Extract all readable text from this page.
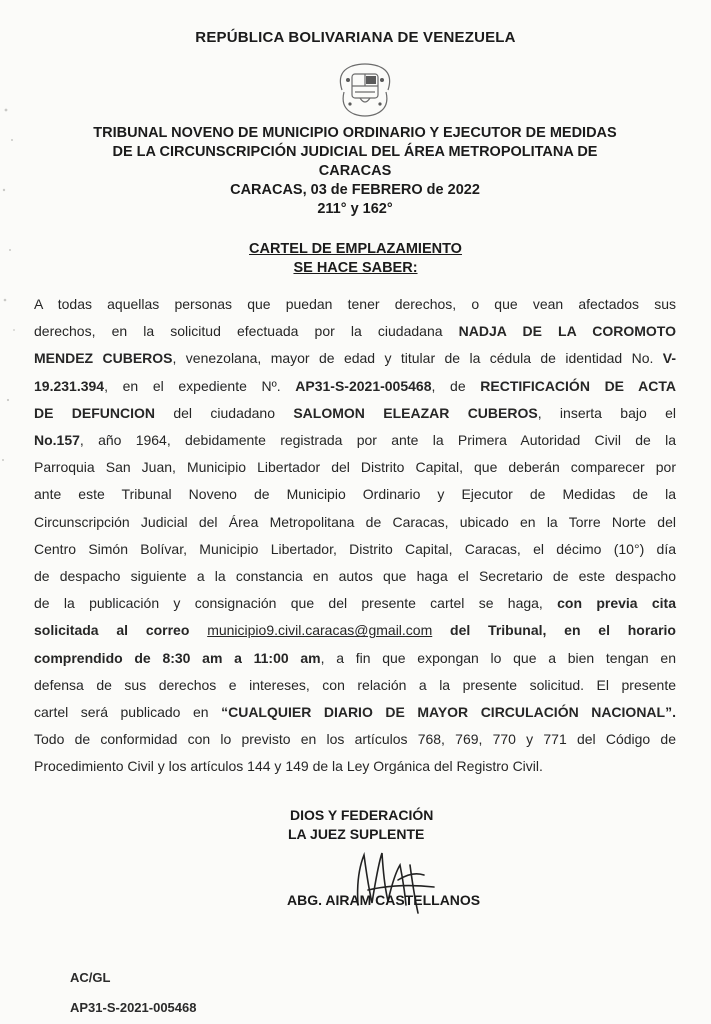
REPÚBLICA BOLIVARIANA DE VENEZUELA
TRIBUNAL NOVENO DE MUNICIPIO ORDINARIO Y EJECUTOR DE MEDIDAS
DE LA CIRCUNSCRIPCIÓN JUDICIAL DEL ÁREA METROPOLITANA DE
CARACAS
CARACAS, 03 de FEBRERO de 2022
211° y 162°
CARTEL DE EMPLAZAMIENTO
SE HACE SABER:
A todas aquellas personas que puedan tener derechos, o que vean afectados sus
derechos, en la solicitud efectuada por la ciudadana NADJA DE LA COROMOTO
MENDEZ CUBEROS, venezolana, mayor de edad y titular de la cédula de identidad No. V-
19.231.394, en el expediente Nº. AP31-S-2021-005468, de RECTIFICACIÓN DE ACTA
DE DEFUNCION del ciudadano SALOMON ELEAZAR CUBEROS, inserta bajo el
No.157, año 1964, debidamente registrada por ante la Primera Autoridad Civil de la
Parroquia San Juan, Municipio Libertador del Distrito Capital, que deberán comparecer por
ante este Tribunal Noveno de Municipio Ordinario y Ejecutor de Medidas de la
Circunscripción Judicial del Área Metropolitana de Caracas, ubicado en la Torre Norte del
Centro Simón Bolívar, Municipio Libertador, Distrito Capital, Caracas, el décimo (10°) día
de despacho siguiente a la constancia en autos que haga el Secretario de este despacho
de la publicación y consignación que del presente cartel se haga, con previa cita
solicitada al correo municipio9.civil.caracas@gmail.com del Tribunal, en el horario
comprendido de 8:30 am a 11:00 am, a fin que expongan lo que a bien tengan en
defensa de sus derechos e intereses, con relación a la presente solicitud. El presente
cartel será publicado en “CUALQUIER DIARIO DE MAYOR CIRCULACIÓN NACIONAL”.
Todo de conformidad con lo previsto en los artículos 768, 769, 770 y 771 del Código de
Procedimiento Civil y los artículos 144 y 149 de la Ley Orgánica del Registro Civil.
DIOS Y FEDERACIÓN
LA JUEZ SUPLENTE
ABG. AIRAM CASTELLANOS
AC/GL
AP31-S-2021-005468
